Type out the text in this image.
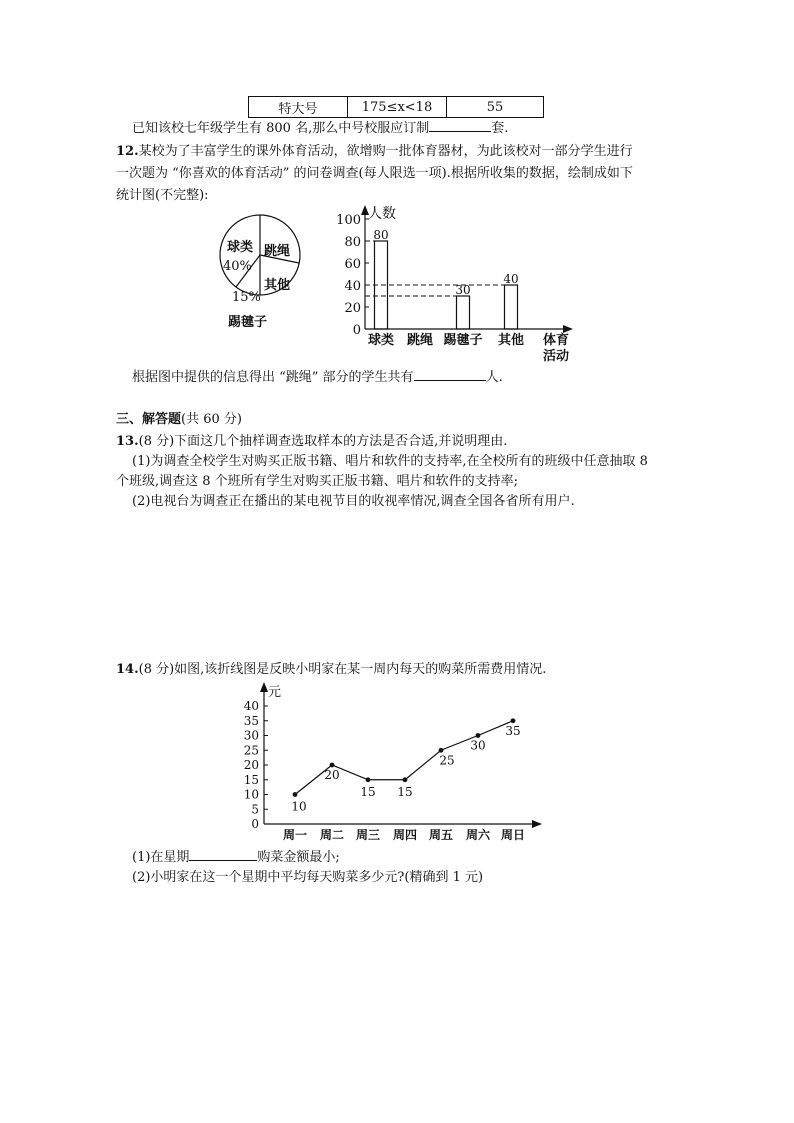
特大号	175≤x<18	55
已知该校七年级学生有 800 名,那么中号校服应订制	套.
12.某校为了丰富学生的课外体育活动，欲增购一批体育器材，为此该校对一部分学生进行
一次题为 “你喜欢的体育活动” 的问卷调查(每人限选一项).根据所收集的数据，绘制成如下
统计图(不完整):
球类
40%
跳绳
其他
15%
踢毽子
人数
体育
活动
0
20
40
60
80
100
球类
80
跳绳 踢毽子
30
其他
40
根据图中提供的信息得出 “跳绳” 部分的学生共有	人.
三、解答题(共 60 分)
13.(8 分)下面这几个抽样调查选取样本的方法是否合适,并说明理由.
(1)为调查全校学生对购买正版书籍、唱片和软件的支持率,在全校所有的班级中任意抽取 8
个班级,调查这 8 个班所有学生对购买正版书籍、唱片和软件的支持率;
(2)电视台为调查正在播出的某电视节目的收视率情况,调查全国各省所有用户.
14.(8 分)如图,该折线图是反映小明家在某一周内每天的购菜所需费用情况.
元
0
5
10
15
20
25
30
35
40
周一 周二 周三 周四 周五 周六 周日
10
20
15 15
25
30
35
(1)在星期	购菜金额最小;
(2)小明家在这一个星期中平均每天购菜多少元?(精确到 1 元)
